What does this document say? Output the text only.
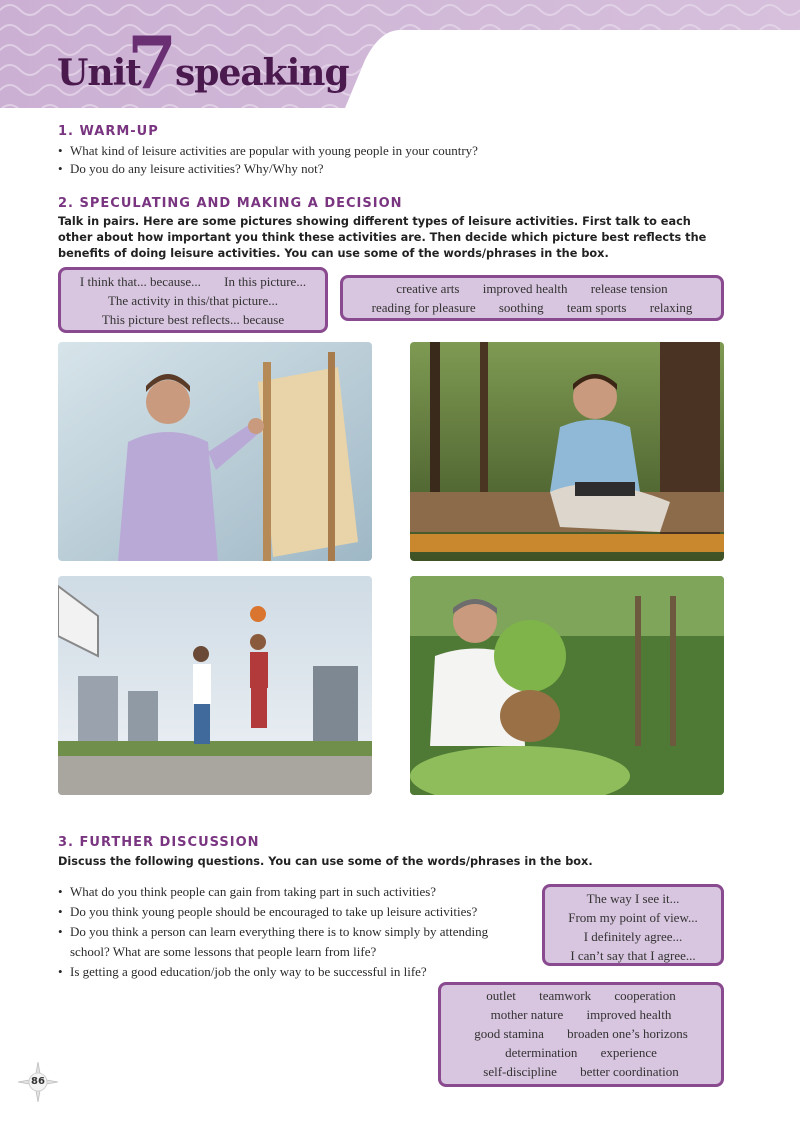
Unit
7
speaking
1. WARM-UP
• What kind of leisure activities are popular with young people in your country?
• Do you do any leisure activities? Why/Why not?
2. SPECULATING AND MAKING A DECISION
Talk in pairs. Here are some pictures showing different types of leisure activities. First talk to each other about how important you think these activities are. Then decide which picture best reflects the benefits of doing leisure activities. You can use some of the words/phrases in the box.
I think that... because... In this picture...
The activity in this/that picture...
This picture best reflects... because
creative arts improved health release tension
reading for pleasure soothing team sports relaxing
3. FURTHER DISCUSSION
Discuss the following questions. You can use some of the words/phrases in the box.
• What do you think people can gain from taking part in such activities?
• Do you think young people should be encouraged to take up leisure activities?
• Do you think a person can learn everything there is to know simply by attending
school? What are some lessons that people learn from life?
• Is getting a good education/job the only way to be successful in life?
The way I see it...
From my point of view...
I definitely agree...
I can’t say that I agree...
outlet teamwork cooperation
mother nature improved health
good stamina broaden one’s horizons
determination experience
self-discipline better coordination
86
